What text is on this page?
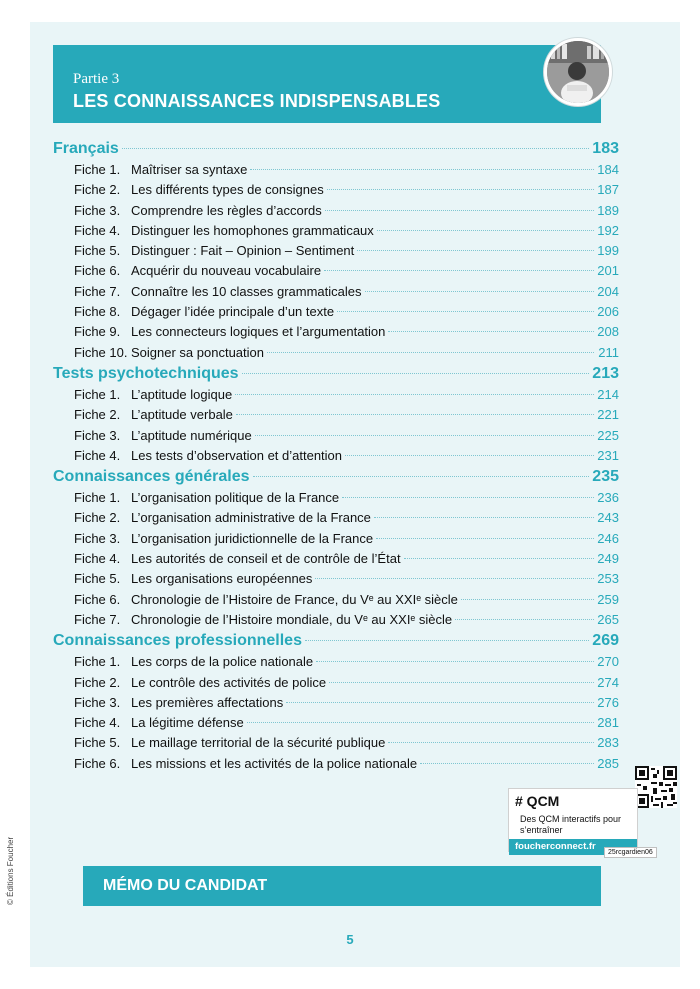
Partie 3
LES CONNAISSANCES INDISPENSABLES
Français	183
Fiche 1. Maîtriser sa syntaxe	184
Fiche 2. Les différents types de consignes	187
Fiche 3. Comprendre les règles d’accords	189
Fiche 4. Distinguer les homophones grammaticaux	192
Fiche 5. Distinguer : Fait – Opinion – Sentiment	199
Fiche 6. Acquérir du nouveau vocabulaire	201
Fiche 7. Connaître les 10 classes grammaticales	204
Fiche 8. Dégager l’idée principale d’un texte	206
Fiche 9. Les connecteurs logiques et l’argumentation	208
Fiche 10. Soigner sa ponctuation	211
Tests psychotechniques	213
Fiche 1. L’aptitude logique	214
Fiche 2. L’aptitude verbale	221
Fiche 3. L’aptitude numérique	225
Fiche 4. Les tests d’observation et d’attention	231
Connaissances générales	235
Fiche 1. L’organisation politique de la France	236
Fiche 2. L’organisation administrative de la France	243
Fiche 3. L’organisation juridictionnelle de la France	246
Fiche 4. Les autorités de conseil et de contrôle de l’État	249
Fiche 5. Les organisations européennes	253
Fiche 6. Chronologie de l’Histoire de France, du Vᵉ au XXIᵉ siècle	259
Fiche 7. Chronologie de l’Histoire mondiale, du Vᵉ au XXIᵉ siècle	265
Connaissances professionnelles	269
Fiche 1. Les corps de la police nationale	270
Fiche 2. Le contrôle des activités de police	274
Fiche 3. Les premières affectations	276
Fiche 4. La légitime défense	281
Fiche 5. Le maillage territorial de la sécurité publique	283
Fiche 6. Les missions et les activités de la police nationale	285
# QCM
Des QCM interactifs pour s’entraîner
foucherconnect.fr
25rcgardien06
MÉMO DU CANDIDAT
5
© Éditions Foucher
